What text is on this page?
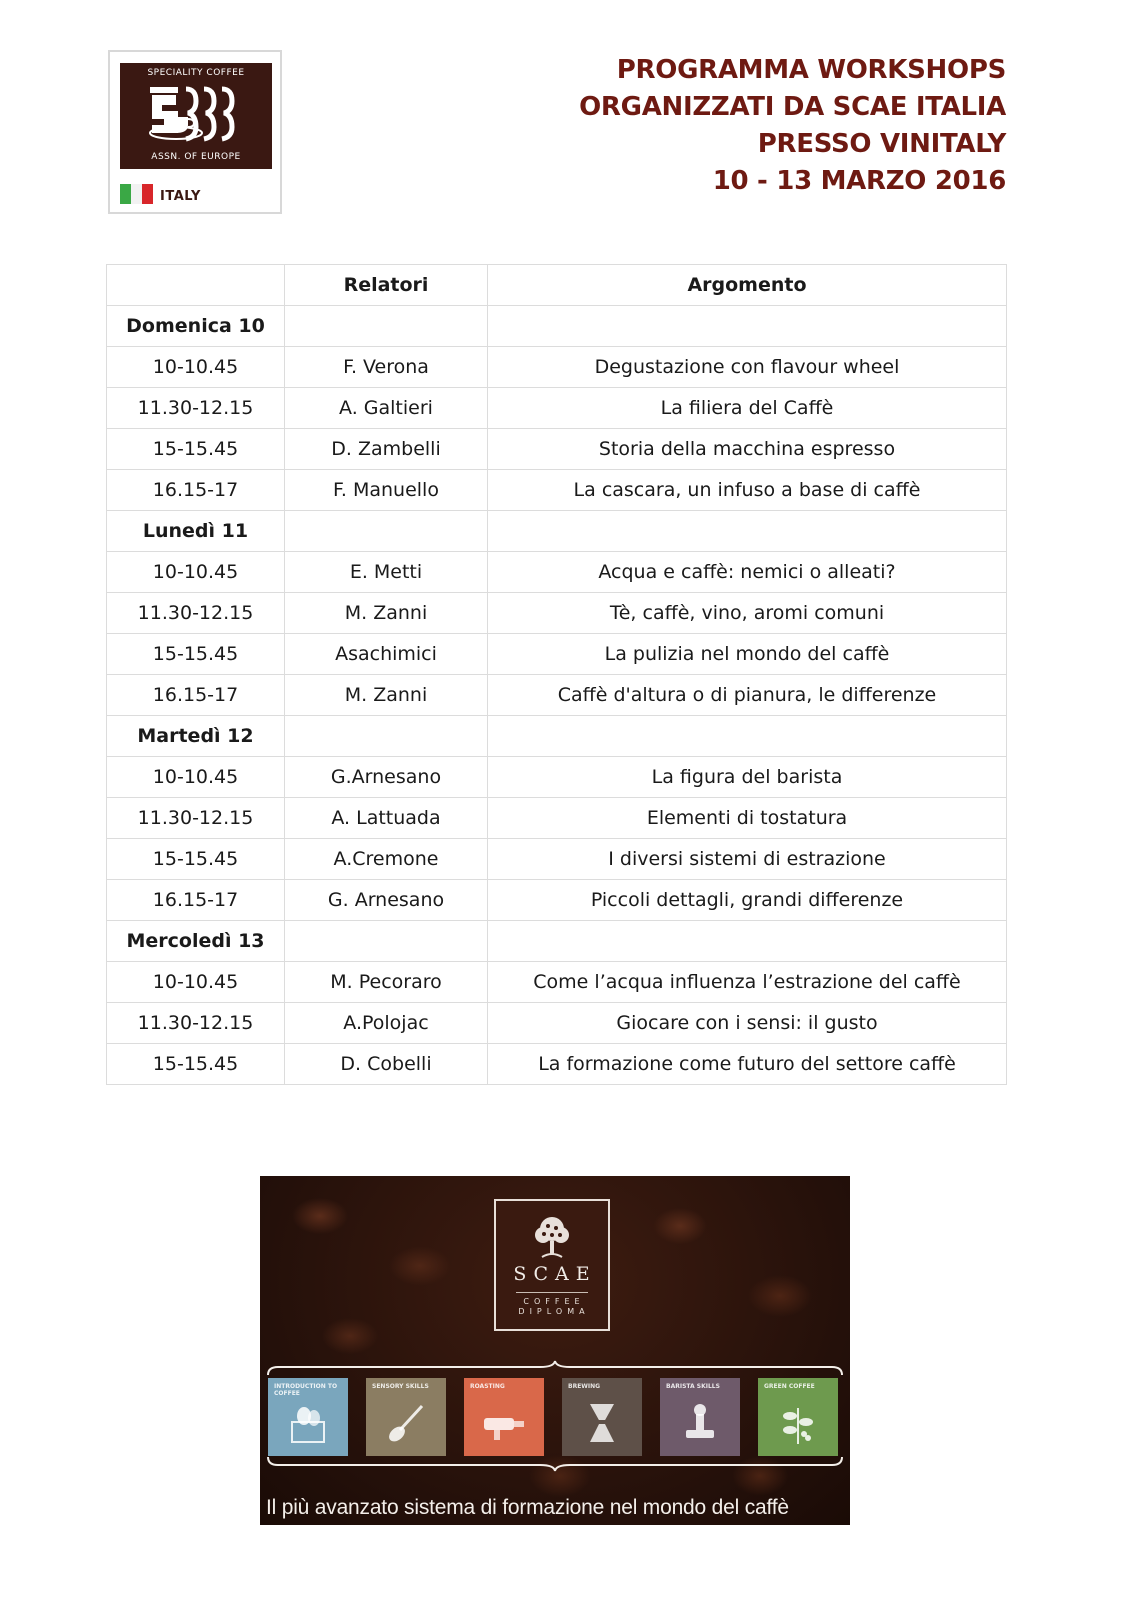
SPECIALITY COFFEE
ASSN. OF EUROPE
ITALY
PROGRAMMA WORKSHOPS
ORGANIZZATI DA SCAE ITALIA
PRESSO VINITALY
10 - 13 MARZO 2016
	Relatori	Argomento
Domenica 10		
10-10.45	F. Verona	Degustazione con flavour wheel
11.30-12.15	A. Galtieri	La filiera del Caffè
15-15.45	D. Zambelli	Storia della macchina espresso
16.15-17	F. Manuello	La cascara, un infuso a base di caffè
Lunedì 11		
10-10.45	E. Metti	Acqua e caffè: nemici o alleati?
11.30-12.15	M. Zanni	Tè, caffè, vino, aromi comuni
15-15.45	Asachimici	La pulizia nel mondo del caffè
16.15-17	M. Zanni	Caffè d'altura o di pianura, le differenze
Martedì 12		
10-10.45	G.Arnesano	La figura del barista
11.30-12.15	A. Lattuada	Elementi di tostatura
15-15.45	A.Cremone	I diversi sistemi di estrazione
16.15-17	G. Arnesano	Piccoli dettagli, grandi differenze
Mercoledì 13		
10-10.45	M. Pecoraro	Come l’acqua influenza l’estrazione del caffè
11.30-12.15	A.Polojac	Giocare con i sensi: il gusto
15-15.45	D. Cobelli	La formazione come futuro del settore caffè
SCAE
COFFEE
DIPLOMA
INTRODUCTION TO COFFEE
SENSORY SKILLS	ROASTING	BREWING	BARISTA SKILLS	GREEN COFFEE
Il più avanzato sistema di formazione nel mondo del caffè
